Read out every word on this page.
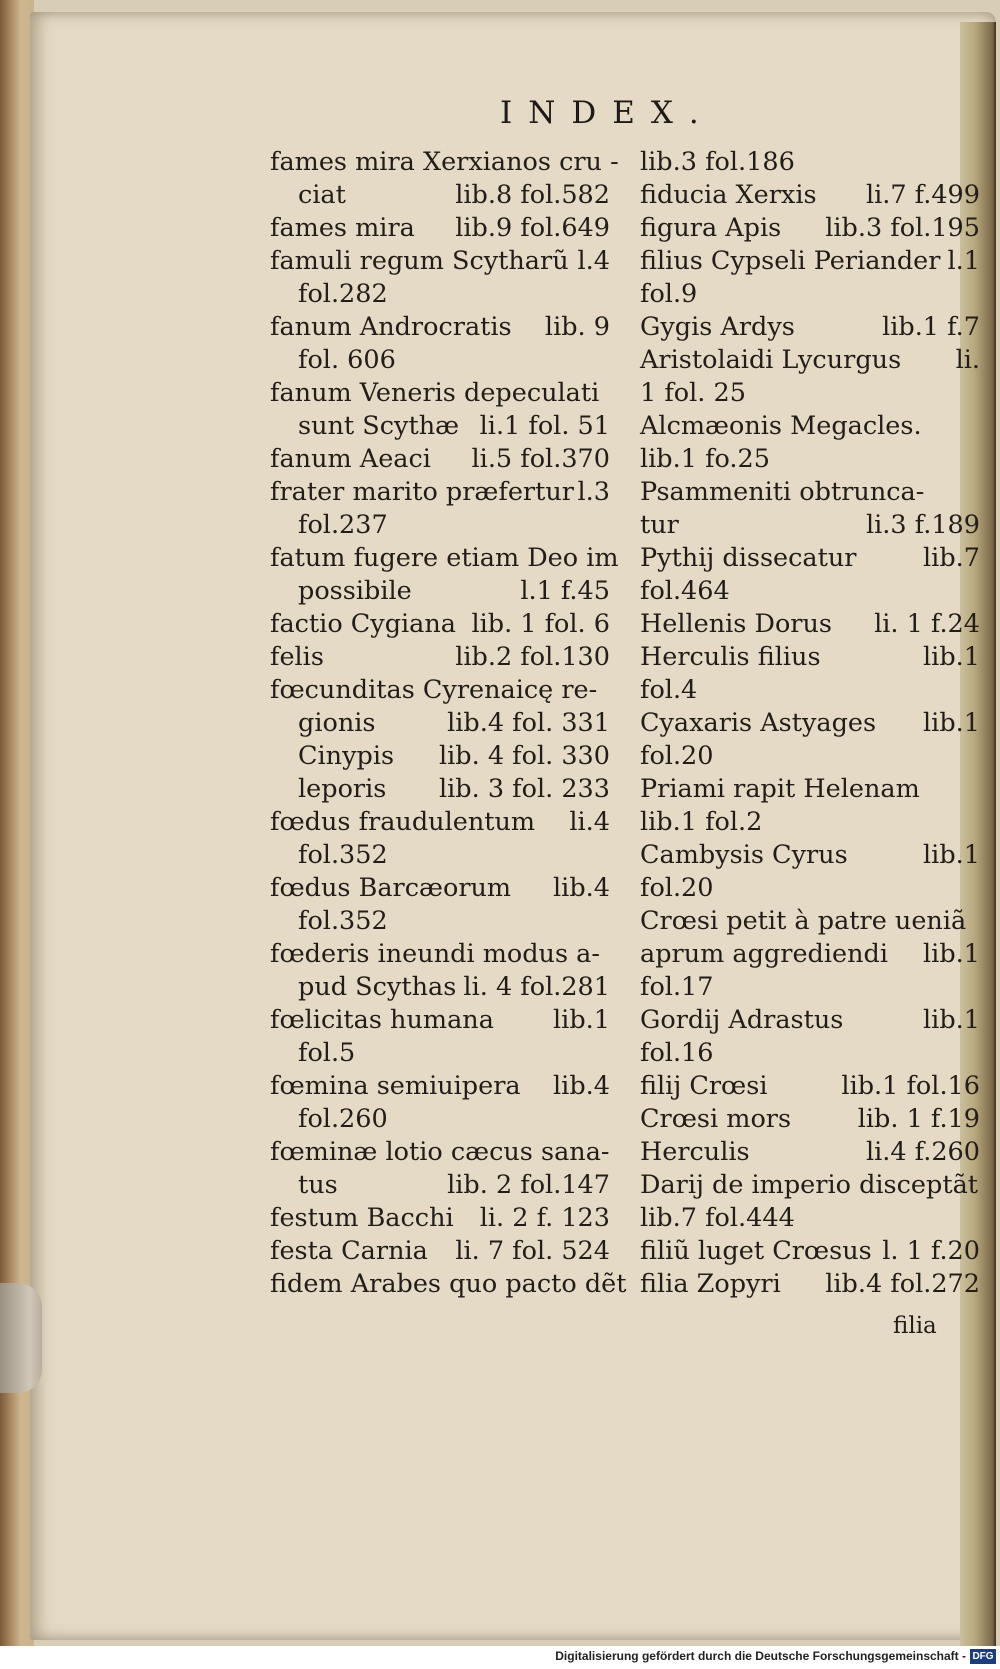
INDEX.
fames mira Xerxianos cru -
ciat	lib.8 fol.582
fames mira lib.9 fol.649
famuli regum Scytharũ l.4
fol.282
fanum Androcratis lib. 9
fol. 606
fanum Veneris depeculati
sunt Scythæ li.1 fol. 51
fanum Aeaci li.5 fol.370
frater marito præfertur l.3
fol.237
fatum fugere etiam Deo im
possibile	l.1 f.45
factio Cygiana lib. 1 fol. 6
felis	lib.2 fol.130
fœcunditas Cyrenaicę re-
gionis	lib.4 fol. 331
Cinypis lib. 4 fol. 330
leporis lib. 3 fol. 233
fœdus fraudulentum li.4
fol.352
fœdus Barcæorum lib.4
fol.352
fœderis ineundi modus a-
pud Scythas li. 4 fol.281
fœlicitas humana lib.1
fol.5
fœmina semiuipera lib.4
fol.260
fœminæ lotio cæcus sana-
tus	lib. 2 fol.147
festum Bacchi li. 2 f. 123
festa Carnia li. 7 fol. 524
fidem Arabes quo pacto dẽt
lib.3 fol.186
fiducia Xerxis li.7 f.499
figura Apis lib.3 fol.195
filius Cypseli Periander l.1
fol.9
Gygis Ardys	lib.1 f.7
Aristolaidi Lycurgus li.
1 fol. 25
Alcmæonis Megacles.
lib.1 fo.25
Psammeniti obtrunca-
tur	li.3 f.189
Pythij dissecatur	lib.7
fol.464
Hellenis Dorus li. 1 f.24
Herculis filius	lib.1
fol.4
Cyaxaris Astyages lib.1
fol.20
Priami rapit Helenam
lib.1 fol.2
Cambysis Cyrus	lib.1
fol.20
Crœsi petit à patre ueniã
aprum aggrediendi lib.1
fol.17
Gordij Adrastus	lib.1
fol.16
filij Crœsi	lib.1 fol.16
Crœsi mors	lib. 1 f.19
Herculis	li.4 f.260
Darij de imperio disceptãt
lib.7 fol.444
filiũ luget Crœsus l. 1 f.20
filia Zopyri lib.4 fol.272
filia
Digitalisierung gefördert durch die Deutsche Forschungsgemeinschaft - DFG
